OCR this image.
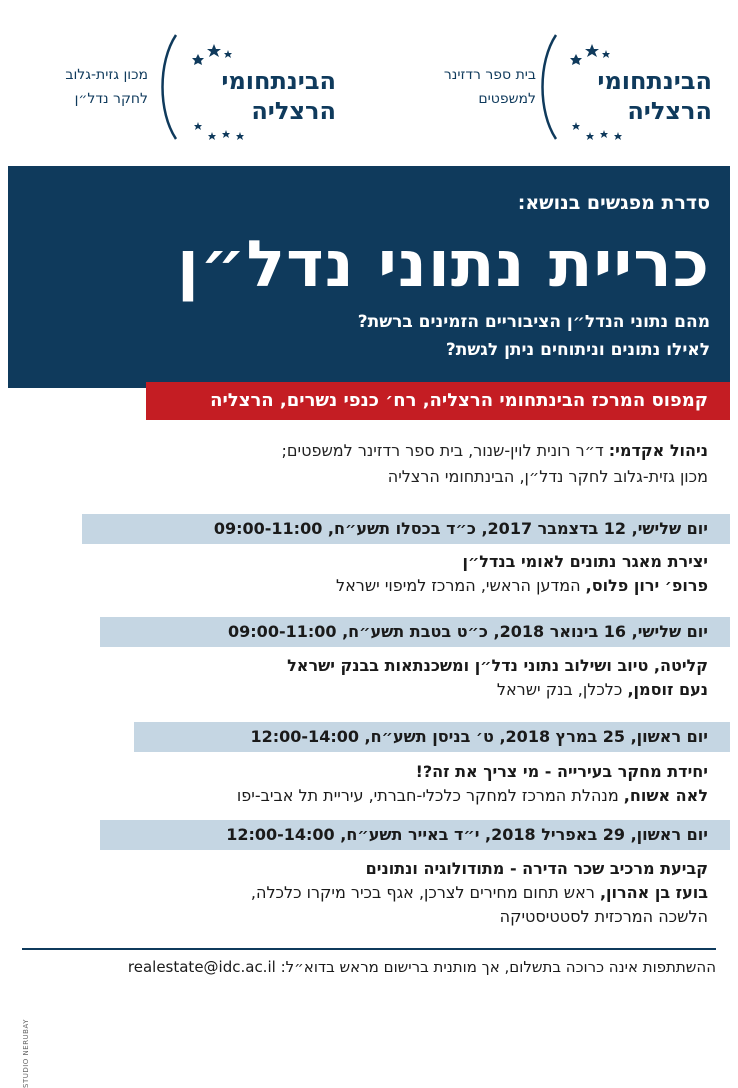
מכון גזית-גלוב
לחקר נדל״ן
הבינתחומי
הרצליה
בית ספר רדזינר
למשפטים
הבינתחומי
הרצליה
סדרת מפגשים בנושא:
כריית נתוני נדל״ן
מהם נתוני הנדל״ן הציבוריים הזמינים ברשת?
לאילו נתונים וניתוחים ניתן לגשת?
קמפוס המרכז הבינתחומי הרצליה, רח׳ כנפי נשרים, הרצליה
ניהול אקדמי: ד״ר רונית לוין-שנור, בית ספר רדזינר למשפטים;
מכון גזית-גלוב לחקר נדל״ן, הבינתחומי הרצליה
יום שלישי, 12 בדצמבר 2017, כ״ד בכסלו תשע״ח, 09:00-11:00
יצירת מאגר נתונים לאומי בנדל״ן
פרופ׳ ירון פלוס, המדען הראשי, המרכז למיפוי ישראל
יום שלישי, 16 בינואר 2018, כ״ט בטבת תשע״ח, 09:00-11:00
קליטה, טיוב ושילוב נתוני נדל״ן ומשכנתאות בבנק ישראל
נעם זוסמן, כלכלן, בנק ישראל
יום ראשון, 25 במרץ 2018, ט׳ בניסן תשע״ח, 12:00-14:00
יחידת מחקר בעירייה - מי צריך את זה?!
לאה אשוח, מנהלת המרכז למחקר כלכלי-חברתי, עיריית תל אביב-יפו
יום ראשון, 29 באפריל 2018, י״ד באייר תשע״ח, 12:00-14:00
קביעת מרכיב שכר הדירה - מתודולוגיה ונתונים
בועז בן אהרון, ראש תחום מחירים לצרכן, אגף בכיר מיקרו כלכלה,
הלשכה המרכזית לסטטיסטיקה
ההשתתפות אינה כרוכה בתשלום, אך מותנית ברישום מראש בדוא״ל: realestate@idc.ac.il
STUDIO NERUBAY
WWW.IDC.AC.IL	הבינתחומי הרצליה|האקדמיה למנהיגי העתיד
